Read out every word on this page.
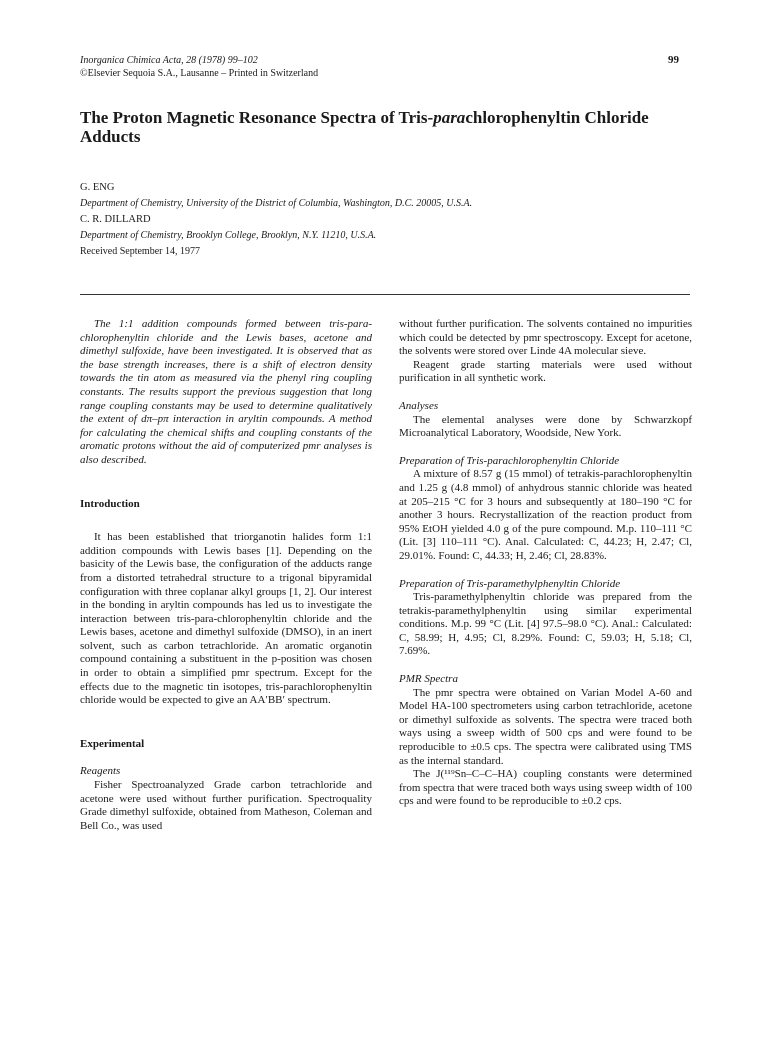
Inorganica Chimica Acta, 28 (1978) 99–102
©Elsevier Sequoia S.A., Lausanne – Printed in Switzerland
99
The Proton Magnetic Resonance Spectra of Tris-parachlorophenyltin Chloride Adducts
G. ENG
Department of Chemistry, University of the District of Columbia, Washington, D.C. 20005, U.S.A.
C. R. DILLARD
Department of Chemistry, Brooklyn College, Brooklyn, N.Y. 11210, U.S.A.
Received September 14, 1977

The 1:1 addition compounds formed between tris-para-chlorophenyltin chloride and the Lewis bases, acetone and dimethyl sulfoxide, have been investigated. It is observed that as the base strength increases, there is a shift of electron density towards the tin atom as measured via the phenyl ring coupling constants. The results support the previous suggestion that long range coupling constants may be used to determine qualitatively the extent of dπ–pπ interaction in aryltin compounds. A method for calculating the chemical shifts and coupling constants of the aromatic protons without the aid of computerized pmr analyses is also described.

Introduction

It has been established that triorganotin halides form 1:1 addition compounds with Lewis bases [1]. Depending on the basicity of the Lewis base, the configuration of the adducts range from a distorted tetrahedral structure to a trigonal bipyramidal configuration with three coplanar alkyl groups [1, 2]. Our interest in the bonding in aryltin compounds has led us to investigate the interaction between tris-para-chlorophenyltin chloride and the Lewis bases, acetone and dimethyl sulfoxide (DMSO), in an inert solvent, such as carbon tetrachloride. An aromatic organotin compound containing a substituent in the p-position was chosen in order to obtain a simplified pmr spectrum. Except for the effects due to the magnetic tin isotopes, tris-parachlorophenyltin chloride would be expected to give an AA′BB′ spectrum.

Experimental

Reagents

Fisher Spectroanalyzed Grade carbon tetrachloride and acetone were used without further purification. Spectroquality Grade dimethyl sulfoxide, obtained from Matheson, Coleman and Bell Co., was used

without further purification. The solvents contained no impurities which could be detected by pmr spectroscopy. Except for acetone, the solvents were stored over Linde 4A molecular sieve.

Reagent grade starting materials were used without purification in all synthetic work.

Analyses

The elemental analyses were done by Schwarzkopf Microanalytical Laboratory, Woodside, New York.

Preparation of Tris-parachlorophenyltin Chloride

A mixture of 8.57 g (15 mmol) of tetrakis-parachlorophenyltin and 1.25 g (4.8 mmol) of anhydrous stannic chloride was heated at 205–215 °C for 3 hours and subsequently at 180–190 °C for another 3 hours. Recrystallization of the reaction product from 95% EtOH yielded 4.0 g of the pure compound. M.p. 110–111 °C (Lit. [3] 110–111 °C). Anal. Calculated: C, 44.23; H, 2.47; Cl, 29.01%. Found: C, 44.33; H, 2.46; Cl, 28.83%.

Preparation of Tris-paramethylphenyltin Chloride

Tris-paramethylphenyltin chloride was prepared from the tetrakis-paramethylphenyltin using similar experimental conditions. M.p. 99 °C (Lit. [4] 97.5–98.0 °C). Anal.: Calculated: C, 58.99; H, 4.95; Cl, 8.29%. Found: C, 59.03; H, 5.18; Cl, 7.69%.

PMR Spectra

The pmr spectra were obtained on Varian Model A-60 and Model HA-100 spectrometers using carbon tetrachloride, acetone or dimethyl sulfoxide as solvents. The spectra were traced both ways using a sweep width of 500 cps and were found to be reproducible to ±0.5 cps. The spectra were calibrated using TMS as the internal standard.

The J(¹¹⁹Sn–C–C–HA) coupling constants were determined from spectra that were traced both ways using sweep width of 100 cps and were found to be reproducible to ±0.2 cps.
